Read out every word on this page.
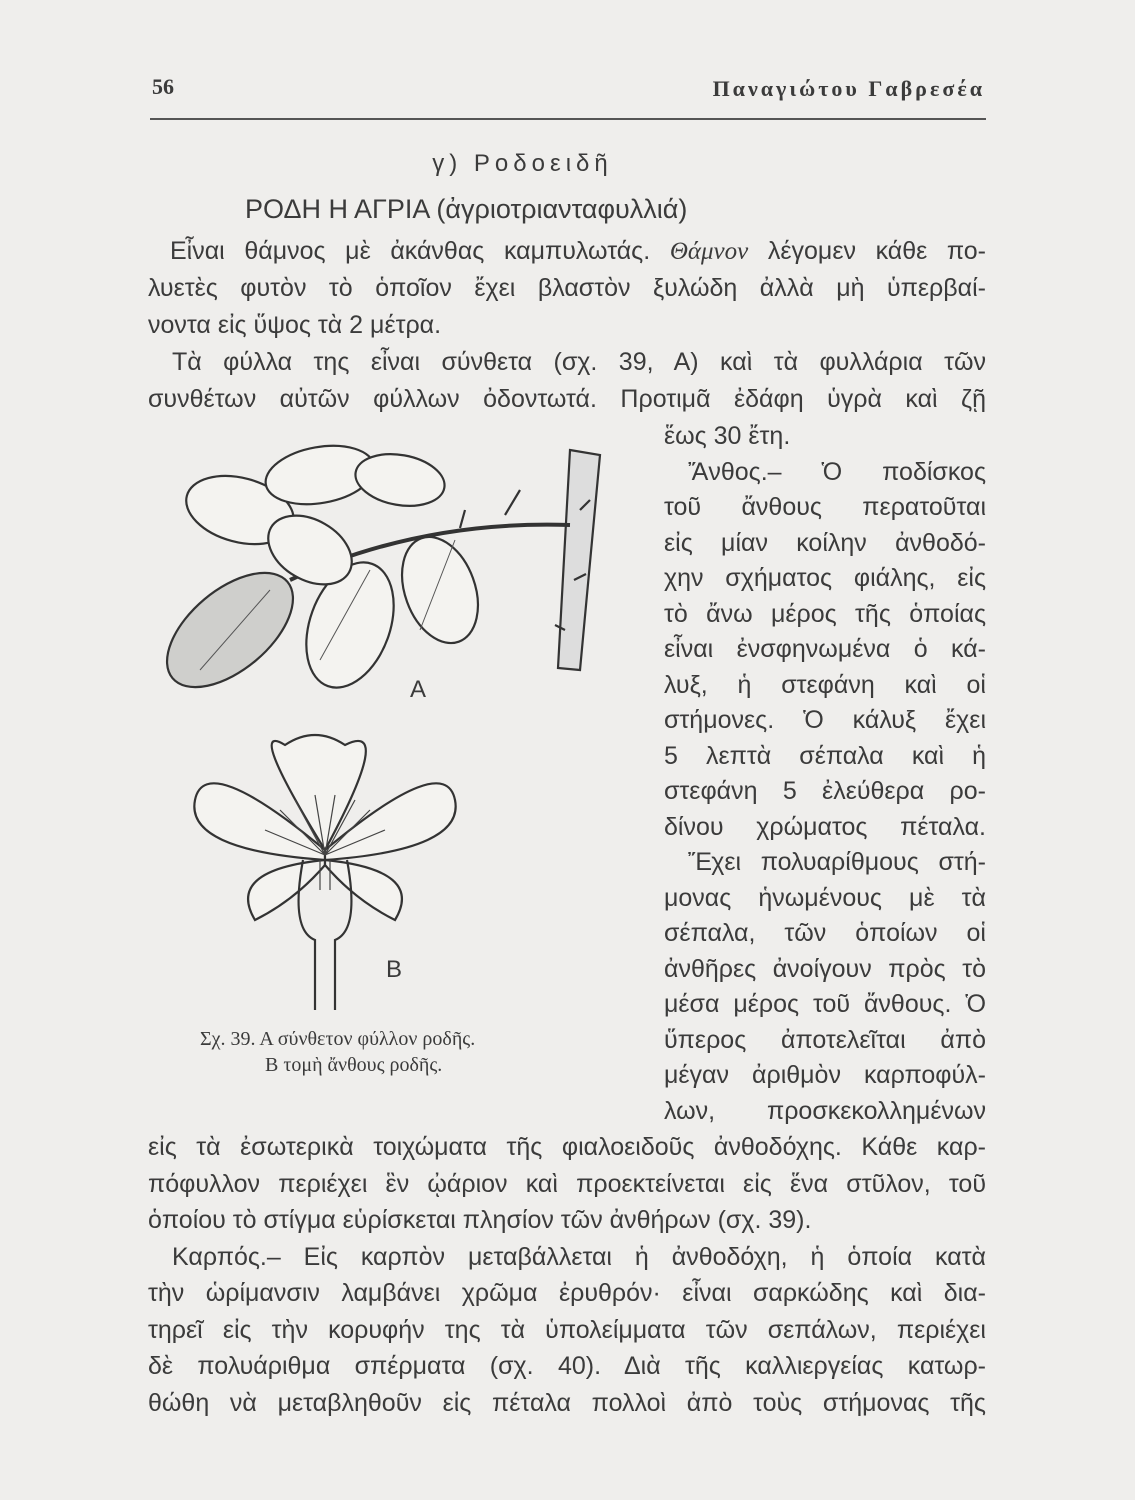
56	Παναγιώτου Γαβρεσέα
γ) Ροδοειδῆ
ΡΟΔΗ Η ΑΓΡΙΑ (ἀγριοτριανταφυλλιά)
Εἶναι θάμνος μὲ ἀκάνθας καμπυλωτάς. Θάμνον λέγομεν κάθε πο-
λυετὲς φυτὸν τὸ ὁποῖον ἔχει βλαστὸν ξυλώδη ἀλλὰ μὴ ὑπερβαί-
νοντα εἰς ὕψος τὰ 2 μέτρα.
Τὰ φύλλα της εἶναι σύνθετα (σχ. 39, Α) καὶ τὰ φυλλάρια τῶν
συνθέτων αὐτῶν φύλλων ὀδοντωτά. Προτιμᾶ ἐδάφη ὑγρὰ καὶ ζῇ
ἕως 30 ἔτη.
Ἄνθος.– Ὁ ποδίσκος
τοῦ ἄνθους περατοῦται
εἰς μίαν κοίλην ἀνθοδό-
χην σχήματος φιάλης, εἰς
τὸ ἄνω μέρος τῆς ὁποίας
εἶναι ἐνσφηνωμένα ὁ κά-
λυξ, ἡ στεφάνη καὶ οἱ
στήμονες. Ὁ κάλυξ ἔχει
5 λεπτὰ σέπαλα καὶ ἡ
στεφάνη 5 ἐλεύθερα ρο-
δίνου χρώματος πέταλα.
Ἔχει πολυαρίθμους στή-
μονας ἡνωμένους μὲ τὰ
σέπαλα, τῶν ὁποίων οἱ
ἀνθῆρες ἀνοίγουν πρὸς τὸ
μέσα μέρος τοῦ ἄνθους. Ὁ
ὕπερος ἀποτελεῖται ἀπὸ
μέγαν ἀριθμὸν καρποφύλ-
λων, προσκεκολλημένων
εἰς τὰ ἐσωτερικὰ τοιχώματα τῆς φιαλοειδοῦς ἀνθοδόχης. Κάθε καρ-
πόφυλλον περιέχει ἓν ᾠάριον καὶ προεκτείνεται εἰς ἕνα στῦλον, τοῦ
ὁποίου τὸ στίγμα εὑρίσκεται πλησίον τῶν ἀνθήρων (σχ. 39).
Καρπός.– Εἰς καρπὸν μεταβάλλεται ἡ ἀνθοδόχη, ἡ ὁποία κατὰ
τὴν ὡρίμανσιν λαμβάνει χρῶμα ἐρυθρόν· εἶναι σαρκώδης καὶ δια-
τηρεῖ εἰς τὴν κορυφήν της τὰ ὑπολείμματα τῶν σεπάλων, περιέχει
δὲ πολυάριθμα σπέρματα (σχ. 40). Διὰ τῆς καλλιεργείας κατωρ-
θώθη νὰ μεταβληθοῦν εἰς πέταλα πολλοὶ ἀπὸ τοὺς στήμονας τῆς
Α
Β
Σχ. 39. Α σύνθετον φύλλον ροδῆς.
Β τομὴ ἄνθους ροδῆς.
